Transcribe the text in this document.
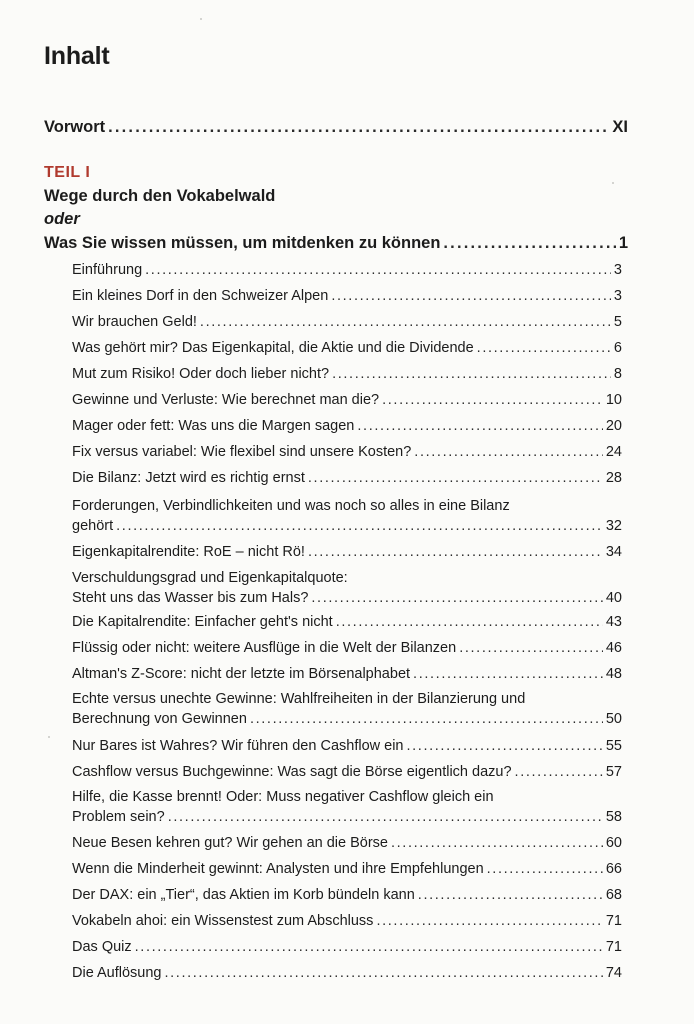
Inhalt
Vorwort . . .	XI
TEIL I
Wege durch den Vokabelwald
oder
Was Sie wissen müssen, um mitdenken zu können . . .	1
Einführung . . .	3
Ein kleines Dorf in den Schweizer Alpen . . .	3
Wir brauchen Geld! . . .	5
Was gehört mir? Das Eigenkapital, die Aktie und die Dividende . . .	6
Mut zum Risiko! Oder doch lieber nicht? . . .	8
Gewinne und Verluste: Wie berechnet man die? . . .	10
Mager oder fett: Was uns die Margen sagen . . .	20
Fix versus variabel: Wie flexibel sind unsere Kosten? . . .	24
Die Bilanz: Jetzt wird es richtig ernst . . .	28
Forderungen, Verbindlichkeiten und was noch so alles in eine Bilanz
gehört . . .	32
Eigenkapitalrendite: RoE – nicht Rö! . . .	34
Verschuldungsgrad und Eigenkapitalquote:
Steht uns das Wasser bis zum Hals? . . .	40
Die Kapitalrendite: Einfacher geht's nicht . . .	43
Flüssig oder nicht: weitere Ausflüge in die Welt der Bilanzen . . .	46
Altman's Z-Score: nicht der letzte im Börsenalphabet . . .	48
Echte versus unechte Gewinne: Wahlfreiheiten in der Bilanzierung und
Berechnung von Gewinnen . . .	50
Nur Bares ist Wahres? Wir führen den Cashflow ein . . .	55
Cashflow versus Buchgewinne: Was sagt die Börse eigentlich dazu? . . .	57
Hilfe, die Kasse brennt! Oder: Muss negativer Cashflow gleich ein
Problem sein? . . .	58
Neue Besen kehren gut? Wir gehen an die Börse . . .	60
Wenn die Minderheit gewinnt: Analysten und ihre Empfehlungen . . .	66
Der DAX: ein „Tier“, das Aktien im Korb bündeln kann . . .	68
Vokabeln ahoi: ein Wissenstest zum Abschluss . . .	71
Das Quiz . . .	71
Die Auflösung . . .	74
